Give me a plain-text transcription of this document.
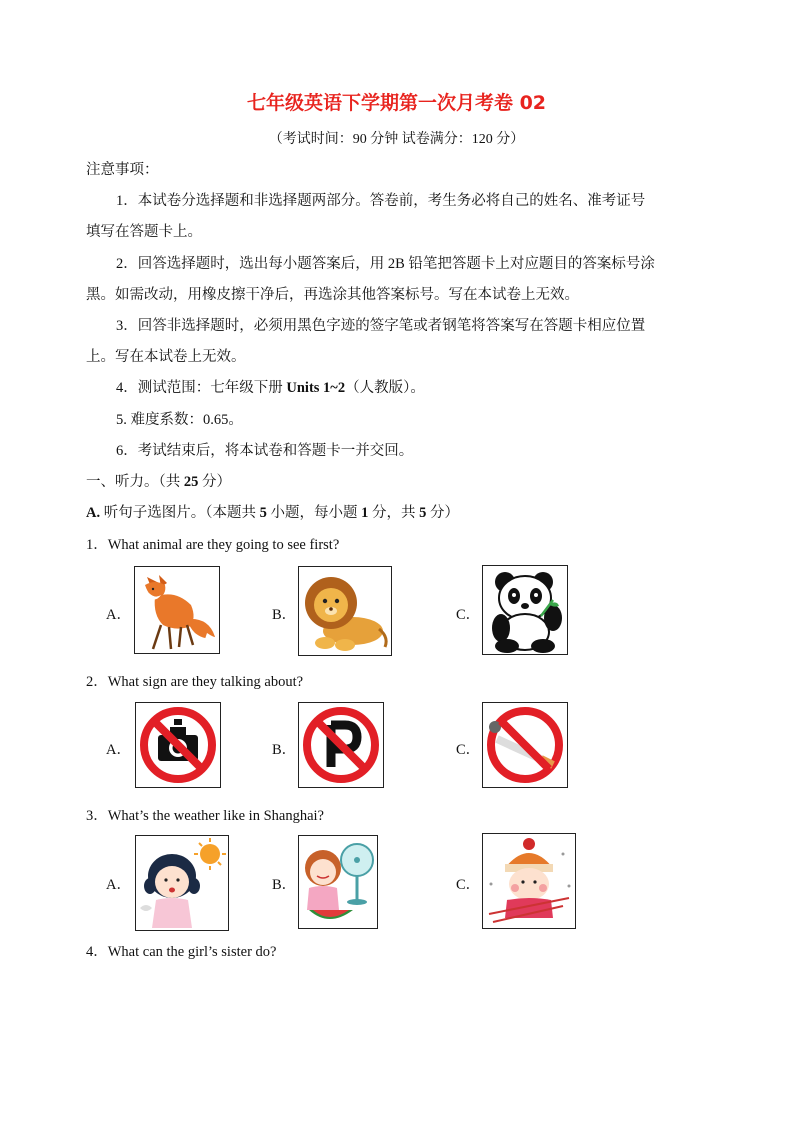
七年级英语下学期第一次月考卷 02
（考试时间：90 分钟 试卷满分：120 分）
注意事项：
1．本试卷分选择题和非选择题两部分。答卷前，考生务必将自己的姓名、准考证号
填写在答题卡上。
2．回答选择题时，选出每小题答案后，用 2B 铅笔把答题卡上对应题目的答案标号涂
黑。如需改动，用橡皮擦干净后，再选涂其他答案标号。写在本试卷上无效。
3．回答非选择题时，必须用黑色字迹的签字笔或者钢笔将答案写在答题卡相应位置
上。写在本试卷上无效。
4．测试范围：七年级下册 Units 1~2（人教版）。
5. 难度系数：0.65。
6．考试结束后，将本试卷和答题卡一并交回。
一、听力。（共 25 分）
A. 听句子选图片。（本题共 5 小题，每小题 1 分，共 5 分）
1．What animal are they going to see first?
A．	B．	C．
2．What sign are they talking about?
A．	B．	C．
3．What’s the weather like in Shanghai?
A．	B．	C．
4．What can the girl’s sister do?
